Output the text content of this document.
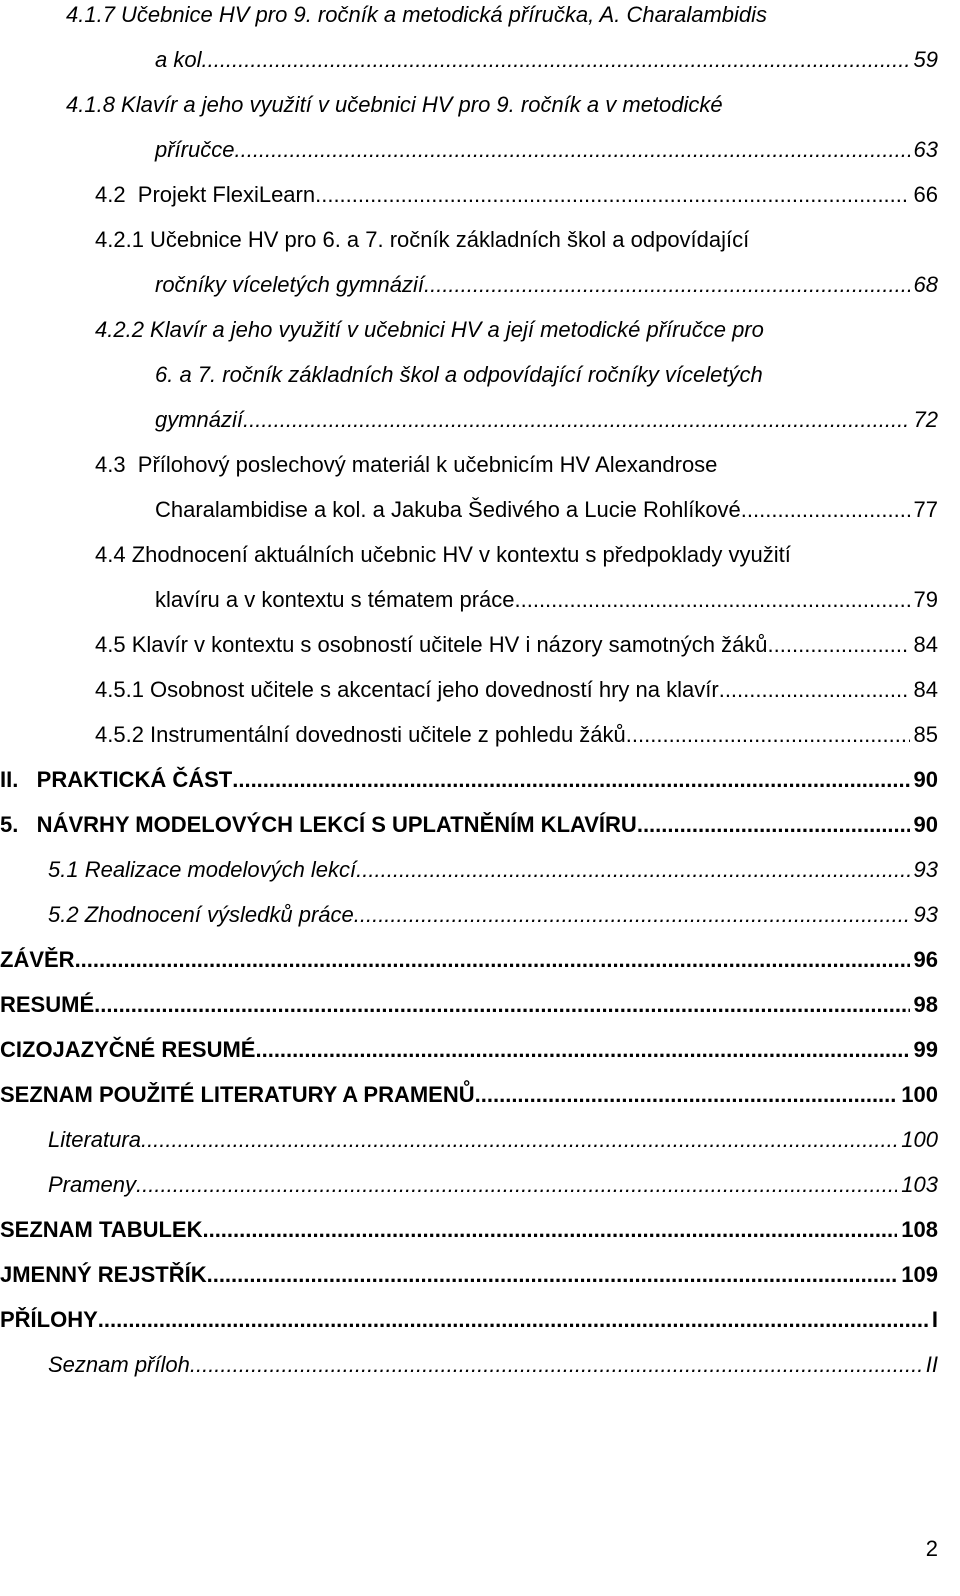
4.1.7 Učebnice HV pro 9. ročník a metodická příručka, A. Charalambidis
a kol. .....	59
4.1.8 Klavír a jeho využití v učebnici HV pro 9. ročník a v metodické
příručce .....	63
4.2  Projekt FlexiLearn .....	66
4.2.1 Učebnice HV pro 6. a 7. ročník základních škol a odpovídající
ročníky víceletých gymnázií .....	68
4.2.2 Klavír a jeho využití v učebnici HV a její metodické příručce pro
6. a 7. ročník základních škol a odpovídající ročníky víceletých
gymnázií .....	72
4.3  Přílohový poslechový materiál k učebnicím HV Alexandrose
Charalambidise a kol. a Jakuba Šedivého a Lucie Rohlíkové .....	77
4.4 Zhodnocení aktuálních učebnic HV v kontextu s předpoklady využití
klavíru a v kontextu s tématem práce .....	79
4.5 Klavír v kontextu s osobností učitele HV i názory samotných žáků .....	84
4.5.1 Osobnost učitele s akcentací jeho dovedností hry na klavír .....	84
4.5.2 Instrumentální dovednosti učitele z pohledu žáků .....	85
II.   PRAKTICKÁ ČÁST .....	90
5.   NÁVRHY MODELOVÝCH LEKCÍ S UPLATNĚNÍM KLAVÍRU .....	90
5.1 Realizace modelových lekcí .....	93
5.2 Zhodnocení výsledků práce .....	93
ZÁVĚR .....	96
RESUMÉ .....	98
CIZOJAZYČNÉ RESUMÉ .....	99
SEZNAM POUŽITÉ LITERATURY A PRAMENŮ .....	100
Literatura .....	100
Prameny .....	103
SEZNAM TABULEK .....	108
JMENNÝ REJSTŘÍK .....	109
PŘÍLOHY .....	I
Seznam příloh .....	II
2
